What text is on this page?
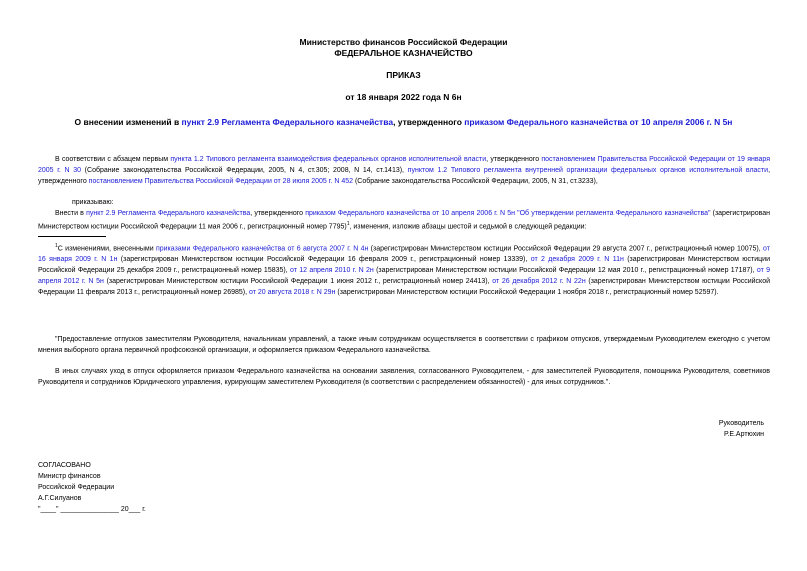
Министерство финансов Российской Федерации
ФЕДЕРАЛЬНОЕ КАЗНАЧЕЙСТВО
ПРИКАЗ
от 18 января 2022 года N 6н
О внесении изменений в пункт 2.9 Регламента Федерального казначейства, утвержденного приказом Федерального казначейства от 10 апреля 2006 г. N 5н
В соответствии с абзацем первым пункта 1.2 Типового регламента взаимодействия федеральных органов исполнительной власти, утвержденного постановлением Правительства Российской Федерации от 19 января 2005 г. N 30 (Собрание законодательства Российской Федерации, 2005, N 4, ст.305; 2008, N 14, ст.1413), пунктом 1.2 Типового регламента внутренней организации федеральных органов исполнительной власти, утвержденного постановлением Правительства Российской Федерации от 28 июля 2005 г. N 452 (Собрание законодательства Российской Федерации, 2005, N 31, ст.3233),
приказываю:
Внести в пункт 2.9 Регламента Федерального казначейства, утвержденного приказом Федерального казначейства от 10 апреля 2006 г. N 5н "Об утверждении регламента Федерального казначейства" (зарегистрирован Министерством юстиции Российской Федерации 11 мая 2006 г., регистрационный номер 7795)$^1$, изменения, изложив абзацы шестой и седьмой в следующей редакции:
$^1$С изменениями, внесенными приказами Федерального казначейства от 6 августа 2007 г. N 4н (зарегистрирован Министерством юстиции Российской Федерации 29 августа 2007 г., регистрационный номер 10075), от 16 января 2009 г. N 1н (зарегистрирован Министерством юстиции Российской Федерации 16 февраля 2009 г., регистрационный номер 13339), от 2 декабря 2009 г. N 11н (зарегистрирован Министерством юстиции Российской Федерации 25 декабря 2009 г., регистрационный номер 15835), от 12 апреля 2010 г. N 2н (зарегистрирован Министерством юстиции Российской Федерации 12 мая 2010 г., регистрационный номер 17187), от 9 апреля 2012 г. N 5н (зарегистрирован Министерством юстиции Российской Федерации 1 июня 2012 г., регистрационный номер 24413), от 26 декабря 2012 г. N 22н (зарегистрирован Министерством юстиции Российской Федерации 11 февраля 2013 г., регистрационный номер 26985), от 20 августа 2018 г. N 29н (зарегистрирован Министерством юстиции Российской Федерации 1 ноября 2018 г., регистрационный номер 52597).
"Предоставление отпусков заместителям Руководителя, начальникам управлений, а также иным сотрудникам осуществляется в соответствии с графиком отпусков, утверждаемым Руководителем ежегодно с учетом мнения выборного органа первичной профсоюзной организации, и оформляется приказом Федерального казначейства.
В иных случаях уход в отпуск оформляется приказом Федерального казначейства на основании заявления, согласованного Руководителем, - для заместителей Руководителя, помощника Руководителя, советников Руководителя и сотрудников Юридического управления, курирующим заместителем Руководителя (в соответствии с распределением обязанностей) - для иных сотрудников.".
Руководитель
Р.Е.Артюхин
СОГЛАСОВАНО
Министр финансов
Российской Федерации
А.Г.Силуанов
"____" _______________ 20___ г.
